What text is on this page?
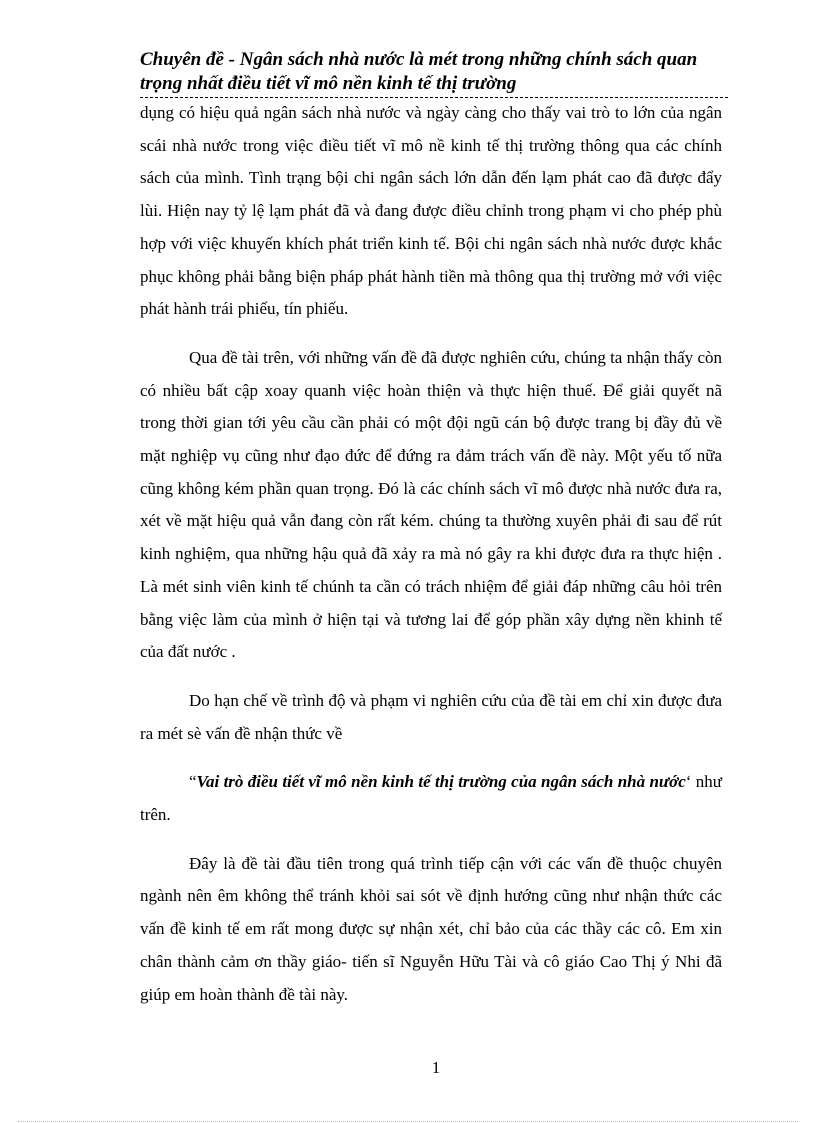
Chuyên đề - Ngân sách nhà nước là mét trong những chính sách quan trọng nhất điều tiết vĩ mô nền kinh tế thị trường

dụng có hiệu quả ngân sách nhà nước và ngày càng cho thấy vai trò to lớn của ngân scái nhà nước trong việc điều tiết vĩ mô nề kinh tế thị trường thông qua các chính sách của mình. Tình trạng bội chi ngân sách lớn dẫn đến lạm phát cao đã được đẩy lùi. Hiện nay tỷ lệ lạm phát đã và đang được điều chỉnh trong phạm vi cho phép phù hợp với việc khuyến khích phát triển kinh tế. Bội chi ngân sách nhà nước được khắc phục không phải bằng biện pháp phát hành tiền mà thông qua thị trường mở với việc phát hành trái phiếu, tín phiếu.

Qua đề tài trên, với những vấn đề đã được nghiên cứu, chúng ta nhận thấy còn có nhiều bất cập xoay quanh việc hoàn thiện và thực hiện thuế. Để giải quyết nã trong thời gian tới yêu cầu cần phải có một đội ngũ cán bộ được trang bị đầy đủ về mặt nghiệp vụ cũng như đạo đức để đứng ra đảm trách vấn đề này. Một yếu tố nữa cũng không kém phần quan trọng. Đó là các chính sách vĩ mô được nhà nước đưa ra, xét về mặt hiệu quả vẫn đang còn rất kém. chúng ta thường xuyên phải đi sau để rút kinh nghiệm, qua những hậu quả đã xảy ra mà nó gây ra khi được đưa ra thực hiện . Là mét sinh viên kinh tế chúnh ta cần có trách nhiệm để giải đáp những câu hỏi trên bằng việc làm của mình ở hiện tại và tương lai để góp phần xây dựng nền khinh tế của đất nước .

Do hạn chế về trình độ và phạm vi nghiên cứu của đề tài em chỉ xin được đưa ra mét sè vấn đề nhận thức về

“Vai trò điều tiết vĩ mô nền kinh tế thị trường của ngân sách nhà nước‘ như trên.

Đây là đề tài đầu tiên trong quá trình tiếp cận với các vấn đề thuộc chuyên ngành nên êm không thể tránh khỏi sai sót về định hướng cũng như nhận thức các vấn đề kinh tế em rất mong được sự nhận xét, chỉ bảo của các thầy các cô. Em xin chân thành cảm ơn thầy giáo- tiến sĩ Nguyễn Hữu Tài và cô giáo Cao Thị ý Nhi đã giúp em hoàn thành đề tài này.

1
